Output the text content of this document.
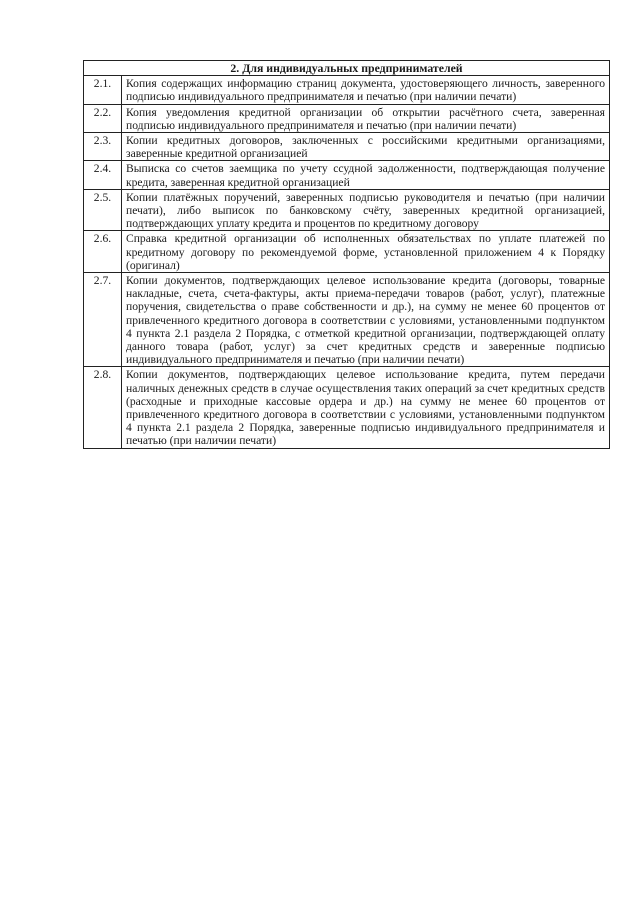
2. Для индивидуальных предпринимателей	
2.1.	Копия содержащих информацию страниц документа, удостоверяющего личность, заверенного подписью индивидуального предпринимателя и печатью (при наличии печати)
2.2.	Копия уведомления кредитной организации об открытии расчётного счета, заверенная подписью индивидуального предпринимателя и печатью (при наличии печати)
2.3.	Копии кредитных договоров, заключенных с российскими кредитными организациями, заверенные кредитной организацией
2.4.	Выписка со счетов заемщика по учету ссудной задолженности, подтверждающая получение кредита, заверенная кредитной организацией
2.5.	Копии платёжных поручений, заверенных подписью руководителя и печатью (при наличии печати), либо выписок по банковскому счёту, заверенных кредитной организацией, подтверждающих уплату кредита и процентов по кредитному договору
2.6.	Справка кредитной организации об исполненных обязательствах по уплате платежей по кредитному договору по рекомендуемой форме, установленной приложением 4 к Порядку (оригинал)
2.7.	Копии документов, подтверждающих целевое использование кредита (договоры, товарные накладные, счета, счета-фактуры, акты приема-передачи товаров (работ, услуг), платежные поручения, свидетельства о праве собственности и др.), на сумму не менее 60 процентов от привлеченного кредитного договора в соответствии с условиями, установленными подпунктом 4 пункта 2.1 раздела 2 Порядка, с отметкой кредитной организации, подтверждающей оплату данного товара (работ, услуг) за счет кредитных средств и заверенные подписью индивидуального предпринимателя и печатью (при наличии печати)
2.8.	Копии документов, подтверждающих целевое использование кредита, путем передачи наличных денежных средств в случае осуществления таких операций за счет кредитных средств (расходные и приходные кассовые ордера и др.) на сумму не менее 60 процентов от привлеченного кредитного договора в соответствии с условиями, установленными подпунктом 4 пункта 2.1 раздела 2 Порядка, заверенные подписью индивидуального предпринимателя и печатью (при наличии печати)
